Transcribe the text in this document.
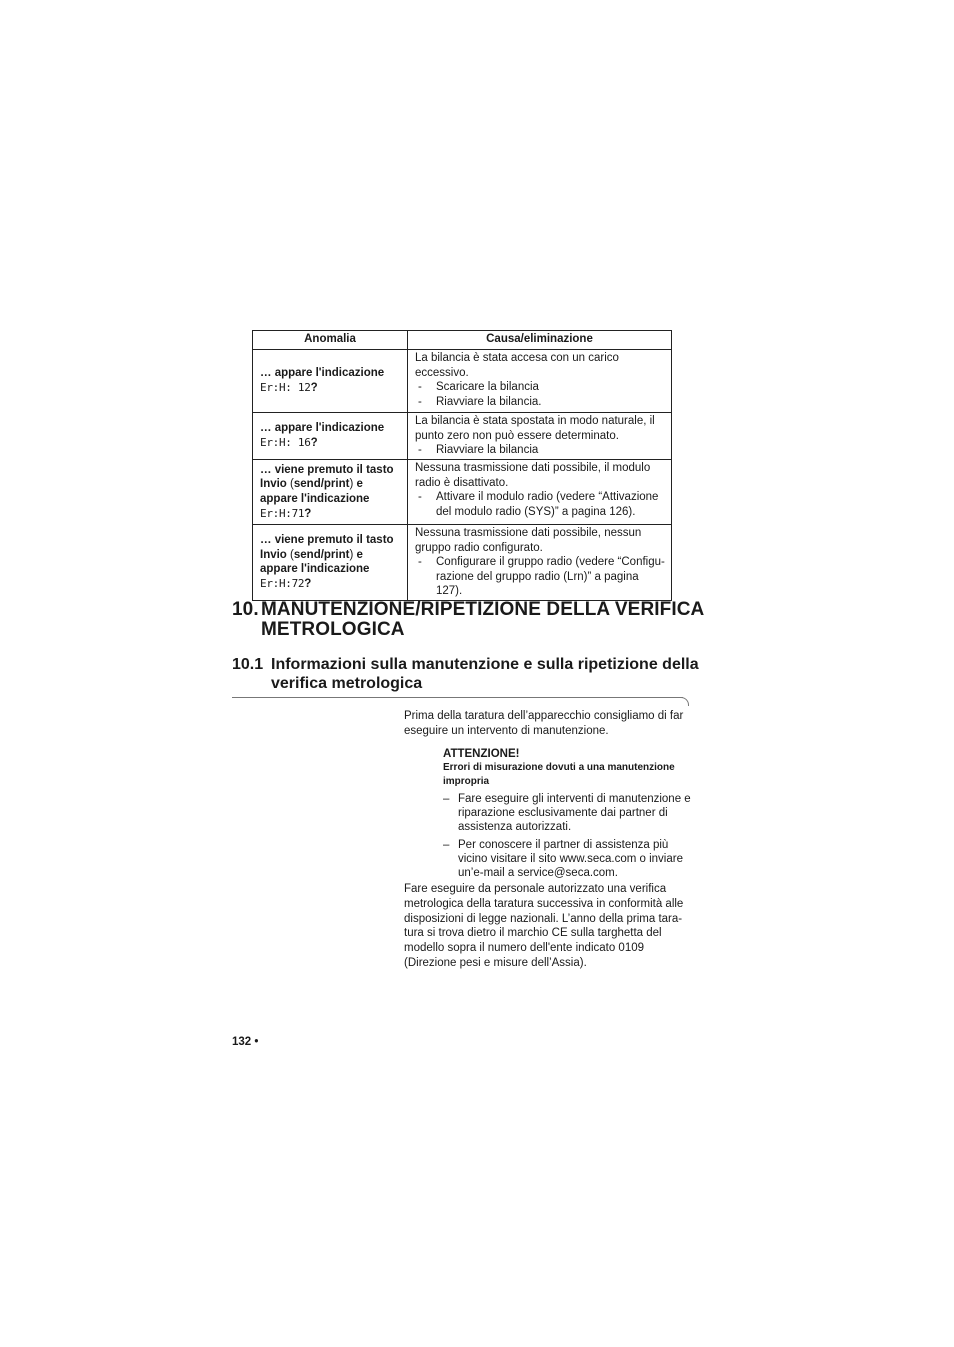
Anomalia	Causa/eliminazione
… appare l'indicazione
Er:H: 12?	La bilancia è stata accesa con un carico eccessivo.
- Scaricare la bilancia
- Riavviare la bilancia.

… appare l'indicazione
Er:H: 16?	La bilancia è stata spostata in modo naturale, il punto zero non può essere determinato.
- Riavviare la bilancia

… viene premuto il tasto Invio (send/print) e appare l'indicazione
Er:H:71?	Nessuna trasmissione dati possibile, il modulo radio è disattivato.
- Attivare il modulo radio (vedere “Attivazione del modulo radio (SYS)” a pagina 126).

… viene premuto il tasto Invio (send/print) e appare l'indicazione
Er:H:72?	Nessuna trasmissione dati possibile, nessun gruppo radio configurato.
- Configurare il gruppo radio (vedere “Configu-razione del gruppo radio (Lrn)” a pagina 127).
10. MANUTENZIONE/RIPETIZIONE DELLA VERIFICA METROLOGICA
10.1 Informazioni sulla manutenzione e sulla ripetizione della verifica metrologica
Prima della taratura dell’apparecchio consigliamo di far eseguire un intervento di manutenzione.
ATTENZIONE!
Errori di misurazione dovuti a una manutenzione impropria
– Fare eseguire gli interventi di manutenzione e riparazione esclusivamente dai partner di assistenza autorizzati.
– Per conoscere il partner di assistenza più vicino visitare il sito www.seca.com o inviare un’e-mail a service@seca.com.
Fare eseguire da personale autorizzato una verifica metrologica della taratura successiva in conformità alle disposizioni di legge nazionali. L’anno della prima tara-tura si trova dietro il marchio CE sulla targhetta del modello sopra il numero dell'ente indicato 0109 (Direzione pesi e misure dell’Assia).
132 •
